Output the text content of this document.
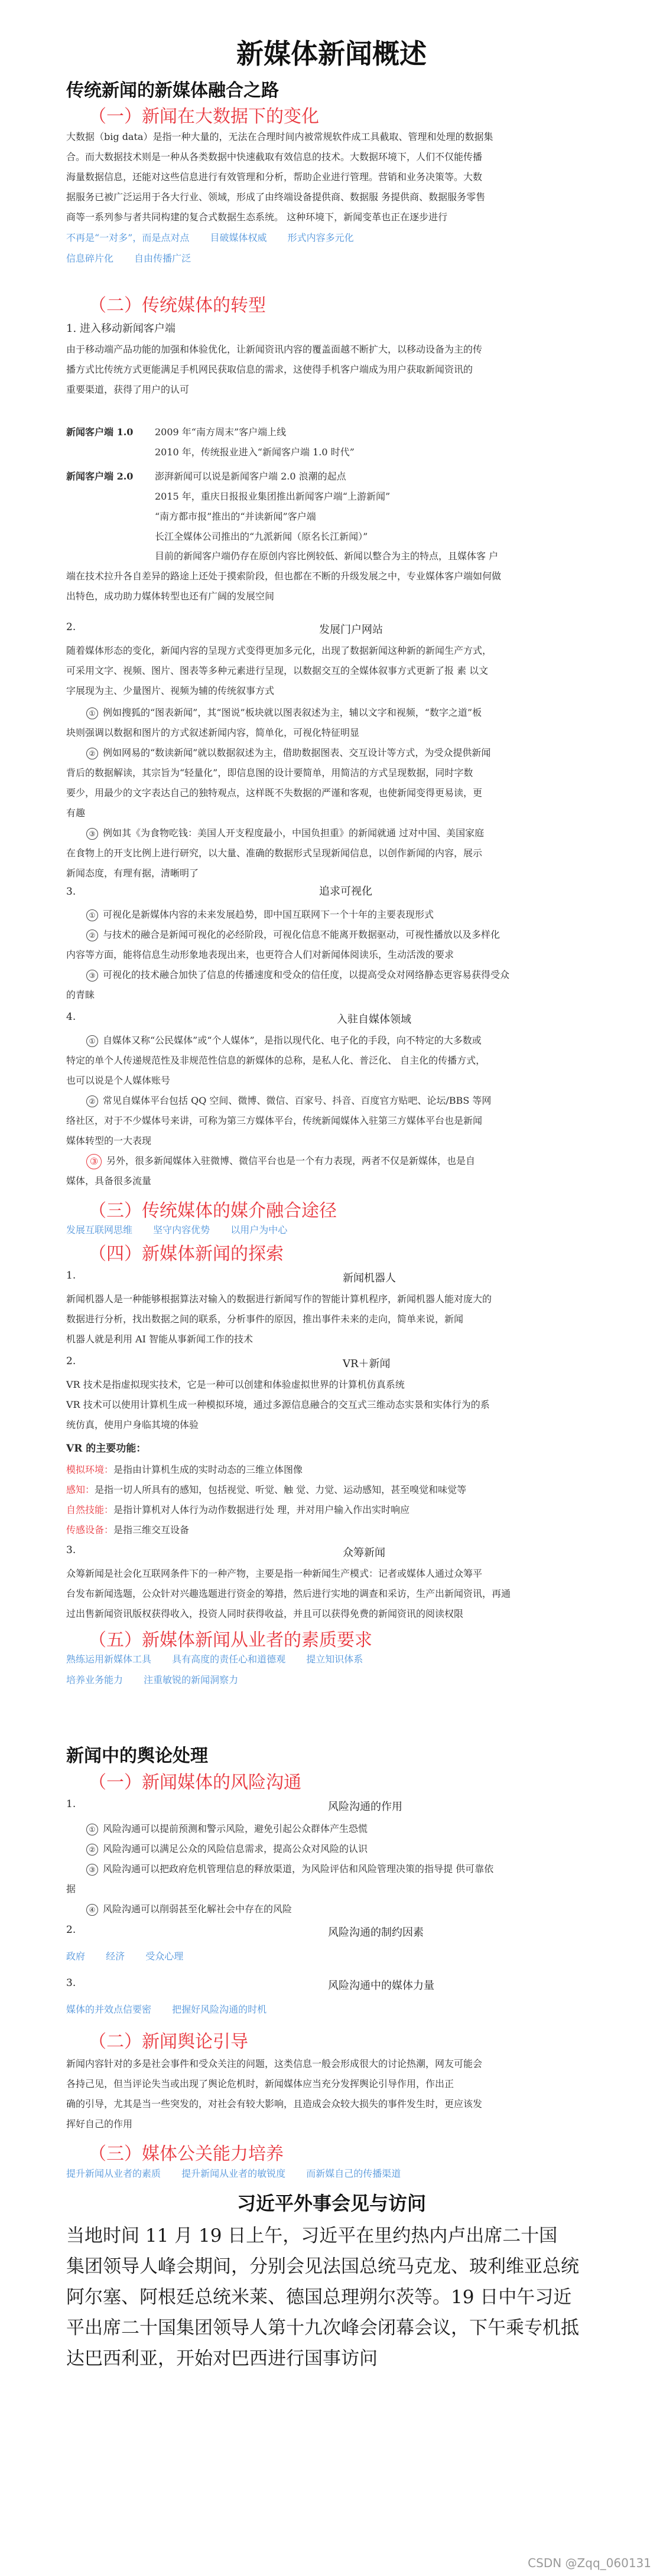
新媒体新闻概述
传统新闻的新媒体融合之路
（一）新闻在大数据下的变化
大数据（big data）是指一种大量的，无法在合理时间内被常规软件成工具截取、管理和处理的数据集
合。而大数据技术则是一种从各类数据中快速截取有效信息的技术。大数据环境下，人们不仅能传播
海量数据信息，还能对这些信息进行有效管理和分析，帮助企业进行管理。营销和业务决策等。大数
据服务已被广泛运用于各大行业、领域，形成了由终端设备提供商、数据服 务提供商、数据服务零售
商等一系列参与者共同构建的复合式数据生态系统。 这种环境下，新闻变革也正在逐步进行
不再是“一对多”，而是点对点 目破媒体权威 形式内容多元化
信息碎片化 自由传播广泛
（二）传统媒体的转型
1. 进入移动新闻客户端
由于移动端产品功能的加强和体验优化，让新闻资讯内容的覆盖面越不断扩大，以移动设备为主的传
播方式比传统方式更能满足手机网民获取信息的需求，这使得手机客户端成为用户获取新闻资讯的
重要渠道，获得了用户的认可
新闻客户端 1.0 2009 年“南方周末”客户端上线
2010 年，传统报业进入“新闻客户端 1.0 时代”
新闻客户端 2.0 澎湃新闻可以说是新闻客户端 2.0 浪潮的起点
2015 年，重庆日报报业集团推出新闻客户端“上游新闻”
“南方都市报”推出的“并读新闻”客户端
长江全媒体公司推出的“九派新闻（原名长江新闻）”
目前的新闻客户端仍存在原创内容比例较低、新闻以整合为主的特点，且媒体客 户
端在技术拉升各自差异的路途上还处于摸索阶段，但也都在不断的升级发展之中，专业媒体客户端如何做
出特色，成功助力媒体转型也还有广阔的发展空间
2.	发展门户网站
随着媒体形态的变化，新闻内容的呈现方式变得更加多元化，出现了数据新闻这种新的新闻生产方式，
可采用文字、视频、图片、图表等多种元素进行呈现，以数据交互的全媒体叙事方式更新了报 素 以文
字展现为主、少量图片、视频为辅的传统叙事方式
① 例如搜狐的“图表新闻”，其“图说”板块就以图表叙述为主，辅以文字和视频，“数字之道”板
块则强调以数据和图片的方式叙述新闻内容，简单化，可视化特征明显
② 例如网易的“数读新闻”就以数据叙述为主，借助数据图表、交互设计等方式，为受众提供新闻
背后的数据解读，其宗旨为“轻量化”，即信息图的设计要简单，用简洁的方式呈现数据，同时字数
要少，用最少的文字表达自己的独特观点，这样既不失数据的严谨和客观，也使新闻变得更易读，更
有趣
③ 例如其《为食物吃钱：美国人开支程度最小，中国负担重》的新闻就通 过对中国、美国家庭
在食物上的开支比例上进行研究，以大量、准确的数据形式呈现新闻信息，以创作新闻的内容，展示
新闻态度，有理有据，清晰明了
3.	追求可视化
① 可视化是新媒体内容的未来发展趋势，即中国互联网下一个十年的主要表现形式
② 与技术的融合是新闻可视化的必经阶段，可视化信息不能离开数据驱动，可视性播放以及多样化
内容等方面，能将信息生动形象地表现出来，也更符合人们对新闻体阅读乐，生动活泼的要求
③ 可视化的技术融合加快了信息的传播速度和受众的信任度，以提高受众对网络静态更容易获得受众
的青睐
4.	入驻自媒体领域
① 自媒体又称“公民媒体”或“个人媒体”，是指以现代化、电子化的手段，向不特定的大多数或
特定的单个人传递规范性及非规范性信息的新媒体的总称，是私人化、普泛化、 自主化的传播方式，
也可以说是个人媒体账号
② 常见自媒体平台包括 QQ 空间、微博、微信、百家号、抖音、百度官方贴吧、论坛/BBS 等网
络社区，对于不少媒体号来讲，可称为第三方媒体平台，传统新闻媒体入驻第三方媒体平台也是新闻
媒体转型的一大表现
③ 另外，很多新闻媒体入驻微博、微信平台也是一个有力表现，两者不仅是新媒体，也是自
媒体，具备很多流量
（三）传统媒体的媒介融合途径
发展互联网思维 坚守内容优势 以用户为中心
（四）新媒体新闻的探索
1.	新闻机器人
新闻机器人是一种能够根据算法对输入的数据进行新闻写作的智能计算机程序，新闻机器人能对庞大的
数据进行分析，找出数据之间的联系，分析事件的原因，推出事件未来的走向，简单来说，新闻
机器人就是利用 AI 智能从事新闻工作的技术
2.	VR＋新闻
VR 技术是指虚拟现实技术，它是一种可以创建和体验虚拟世界的计算机仿真系统
VR 技术可以使用计算机生成一种模拟环境，通过多源信息融合的交互式三维动态实景和实体行为的系
统仿真，使用户身临其境的体验
VR 的主要功能：
模拟环境：是指由计算机生成的实时动态的三维立体图像
感知：是指一切人所具有的感知，包括视觉、听觉、触 觉、力觉、运动感知，甚至嗅觉和味觉等
自然技能：是指计算机对人体行为动作数据进行处 理，并对用户输入作出实时响应
传感设备：是指三维交互设备
3.	众筹新闻
众筹新闻是社会化互联网条件下的一种产物，主要是指一种新闻生产模式：记者或媒体人通过众筹平
台发布新闻选题，公众针对兴趣选题进行资金的筹措，然后进行实地的调查和采访，生产出新闻资讯，再通
过出售新闻资讯版权获得收入，投资人同时获得收益，并且可以获得免费的新闻资讯的阅读权限
（五）新媒体新闻从业者的素质要求
熟练运用新媒体工具 具有高度的责任心和道德观 提立知识体系
培养业务能力 注重敏锐的新闻洞察力
新闻中的舆论处理
（一）新闻媒体的风险沟通
1.	风险沟通的作用
① 风险沟通可以提前预测和警示风险，避免引起公众群体产生恐慌
② 风险沟通可以满足公众的风险信息需求，提高公众对风险的认识
③ 风险沟通可以把政府危机管理信息的释放渠道，为风险评估和风险管理决策的指导提 供可靠依
据
④ 风险沟通可以削弱甚至化解社会中存在的风险
2.	风险沟通的制约因素
政府 经济 受众心理
3.	风险沟通中的媒体力量
媒体的并效点信要密 把握好风险沟通的时机
（二）新闻舆论引导
新闻内容针对的多是社会事件和受众关注的问题，这类信息一般会形成很大的讨论热潮，网友可能会
各持己见，但当评论失当或出现了舆论危机时，新闻媒体应当充分发挥舆论引导作用，作出正
确的引导，尤其是当一些突发的，对社会有较大影响，且造成会众较大损失的事件发生时，更应该发
挥好自己的作用
（三）媒体公关能力培养
提升新闻从业者的素质 提升新闻从业者的敏锐度 而新媒自己的传播渠道
习近平外事会见与访问
当地时间 11 月 19 日上午，习近平在里约热内卢出席二十国
集团领导人峰会期间，分别会见法国总统马克龙、玻利维亚总统
阿尔塞、阿根廷总统米莱、德国总理朔尔茨等。19 日中午习近
平出席二十国集团领导人第十九次峰会闭幕会议，下午乘专机抵
达巴西利亚，开始对巴西进行国事访问
CSDN @Zqq_060131
